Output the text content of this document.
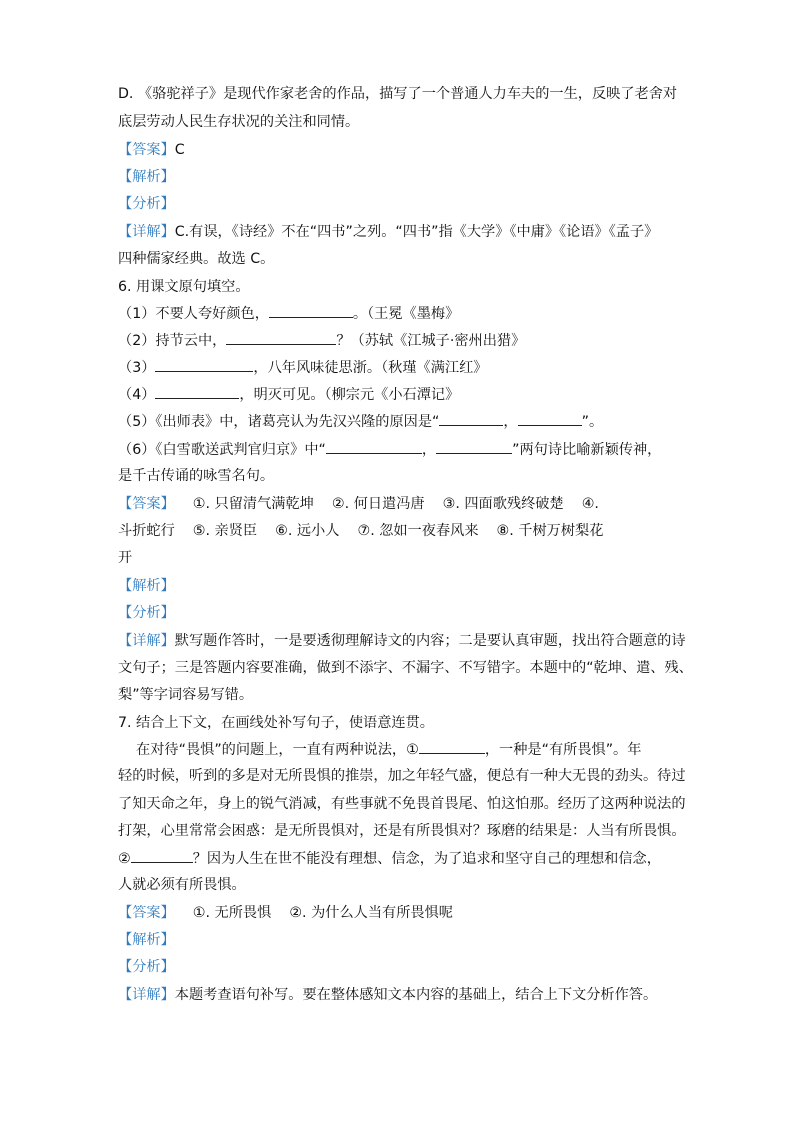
D. 《骆驼祥子》是现代作家老舍的作品，描写了一个普通人力车夫的一生，反映了老舍对
底层劳动人民生存状况的关注和同情。
【答案】C
【解析】
【分析】
【详解】C.有误，《诗经》不在“四书”之列。“四书”指《大学》《中庸》《论语》《孟子》
四种儒家经典。故选 C。
6. 用课文原句填空。
（1）不要人夸好颜色，	。（王冕《墨梅》
（2）持节云中，	？（苏轼《江城子·密州出猎》
（3）	，八年风味徒思浙。（秋瑾《满江红》
（4）	，明灭可见。（柳宗元《小石潭记》
（5）《出师表》中，诸葛亮认为先汉兴隆的原因是“	，	”。
（6）《白雪歌送武判官归京》中“	，	”两句诗比喻新颖传神，
是千古传诵的咏雪名句。
【答案】    ①. 只留清气满乾坤    ②. 何日遣冯唐    ③. 四面歌残终破楚    ④.
斗折蛇行    ⑤. 亲贤臣    ⑥. 远小人    ⑦. 忽如一夜春风来    ⑧. 千树万树梨花
开
【解析】
【分析】
【详解】默写题作答时，一是要透彻理解诗文的内容；二是要认真审题，找出符合题意的诗
文句子；三是答题内容要准确，做到不添字、不漏字、不写错字。本题中的“乾坤、遣、残、
梨”等字词容易写错。
7. 结合上下文，在画线处补写句子，使语意连贯。
在对待“畏惧”的问题上，一直有两种说法，①	，一种是“有所畏惧”。年
轻的时候，听到的多是对无所畏惧的推崇，加之年轻气盛，便总有一种大无畏的劲头。待过
了知天命之年，身上的锐气消减，有些事就不免畏首畏尾、怕这怕那。经历了这两种说法的
打架，心里常常会困惑：是无所畏惧对，还是有所畏惧对？琢磨的结果是：人当有所畏惧。
②	？因为人生在世不能没有理想、信念，为了追求和坚守自己的理想和信念，
人就必须有所畏惧。
【答案】    ①. 无所畏惧    ②. 为什么人当有所畏惧呢
【解析】
【分析】
【详解】本题考查语句补写。要在整体感知文本内容的基础上，结合上下文分析作答。
